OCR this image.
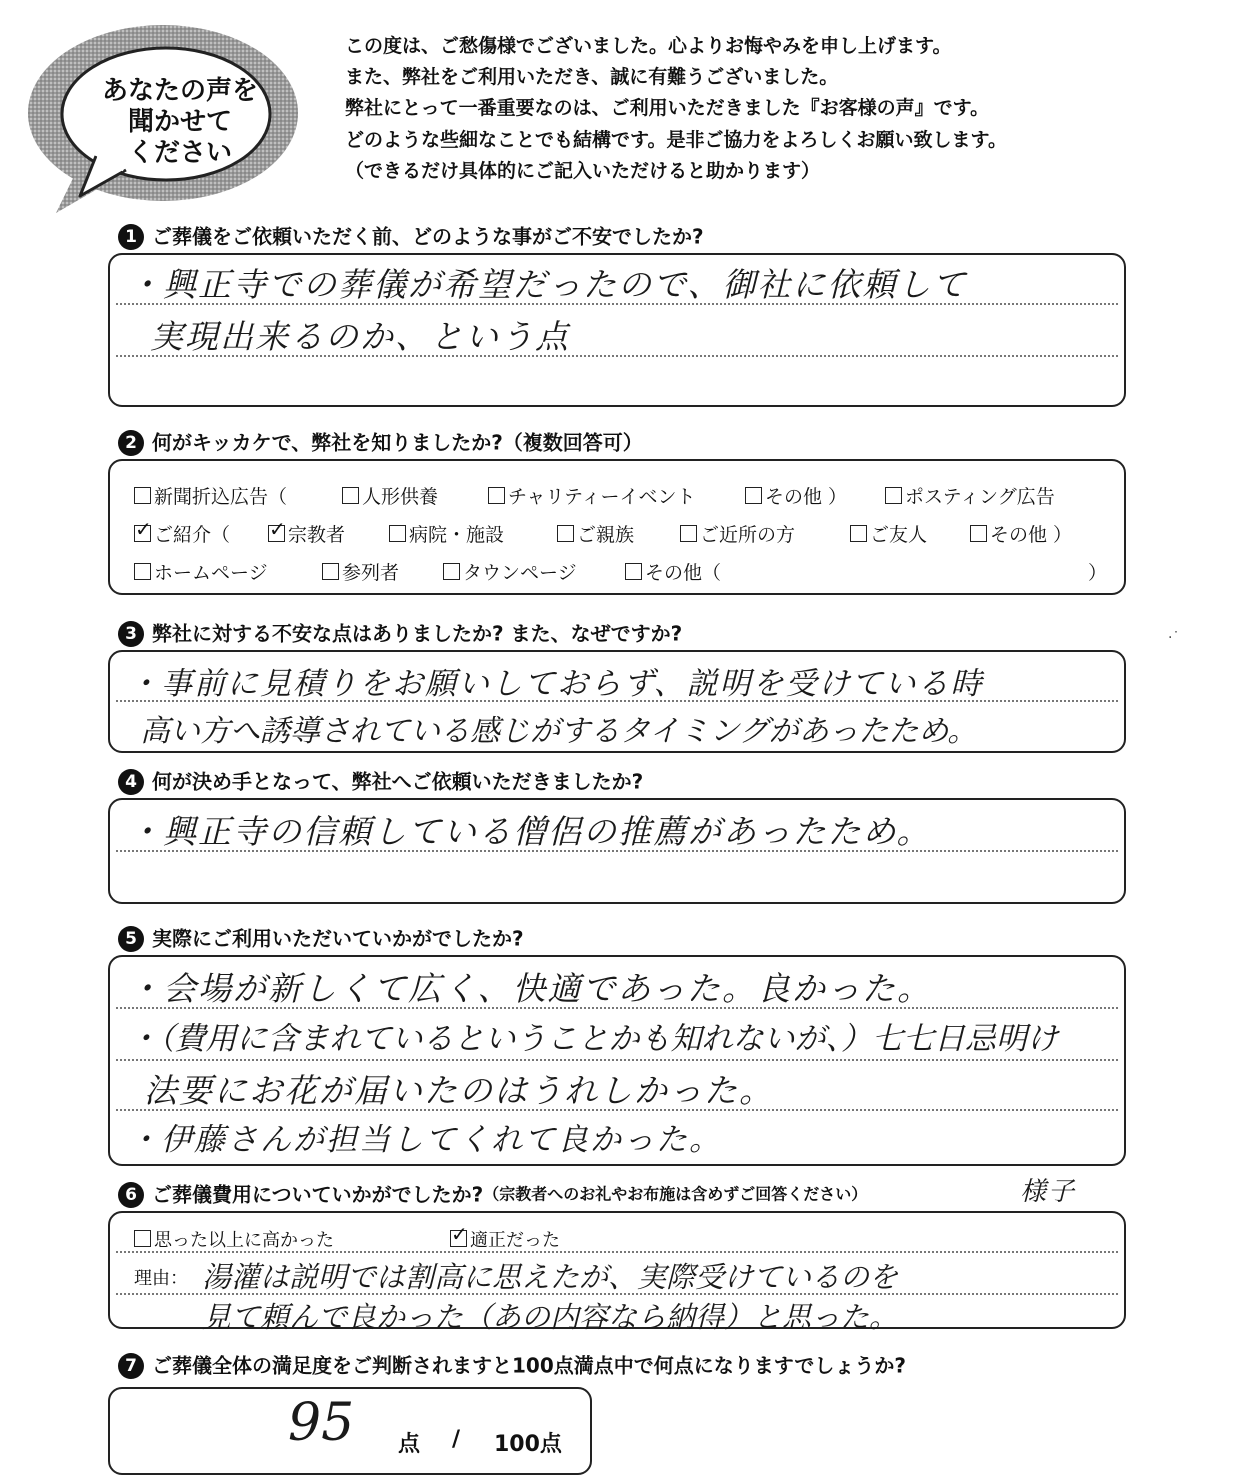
あなたの声を
聞かせて
ください
この度は、ご愁傷様でございました。心よりお悔やみを申し上げます。
また、弊社をご利用いただき、誠に有難うございました。
弊社にとって一番重要なのは、ご利用いただきました『お客様の声』です。
どのような些細なことでも結構です。是非ご協力をよろしくお願い致します。
（できるだけ具体的にご記入いただけると助かります）
1 ご葬儀をご依頼いただく前、どのような事がご不安でしたか?
・興正寺での葬儀が希望だったので、御社に依頼して
実現出来るのか、という点
2 何がキッカケで、弊社を知りましたか?（複数回答可）
新聞折込広告（	人形供養	チャリティーイベント	その他 ）	ポスティング広告
✓ご紹介（ ✓	宗教者	病院・施設	ご親族	ご近所の方	ご友人	その他 ）
ホームページ	参列者	タウンページ	その他（	）
3 弊社に対する不安な点はありましたか? また、なぜですか?
・事前に見積りをお願いしておらず、説明を受けている時
高い方へ誘導されている感じがするタイミングがあったため。
4 何が決め手となって、弊社へご依頼いただきましたか?
・興正寺の信頼している僧侶の推薦があったため。
5 実際にご利用いただいていかがでしたか?
・会場が新しくて広く、快適であった。良かった。
・（費用に含まれているということかも知れないが、）七七日忌明け
法要にお花が届いたのはうれしかった。
・伊藤さんが担当してくれて良かった。
6 ご葬儀費用についていかがでしたか?（宗教者へのお礼やお布施は含めずご回答ください）
思った以上に高かった ✓	適正だった
理由：
様子
湯灌は説明では割高に思えたが、実際受けているのを
見て頼んで良かった（あの内容なら納得）と思った。
7 ご葬儀全体の満足度をご判断されますと100点満点中で何点になりますでしょうか?
95 点 / 100点
·˙
